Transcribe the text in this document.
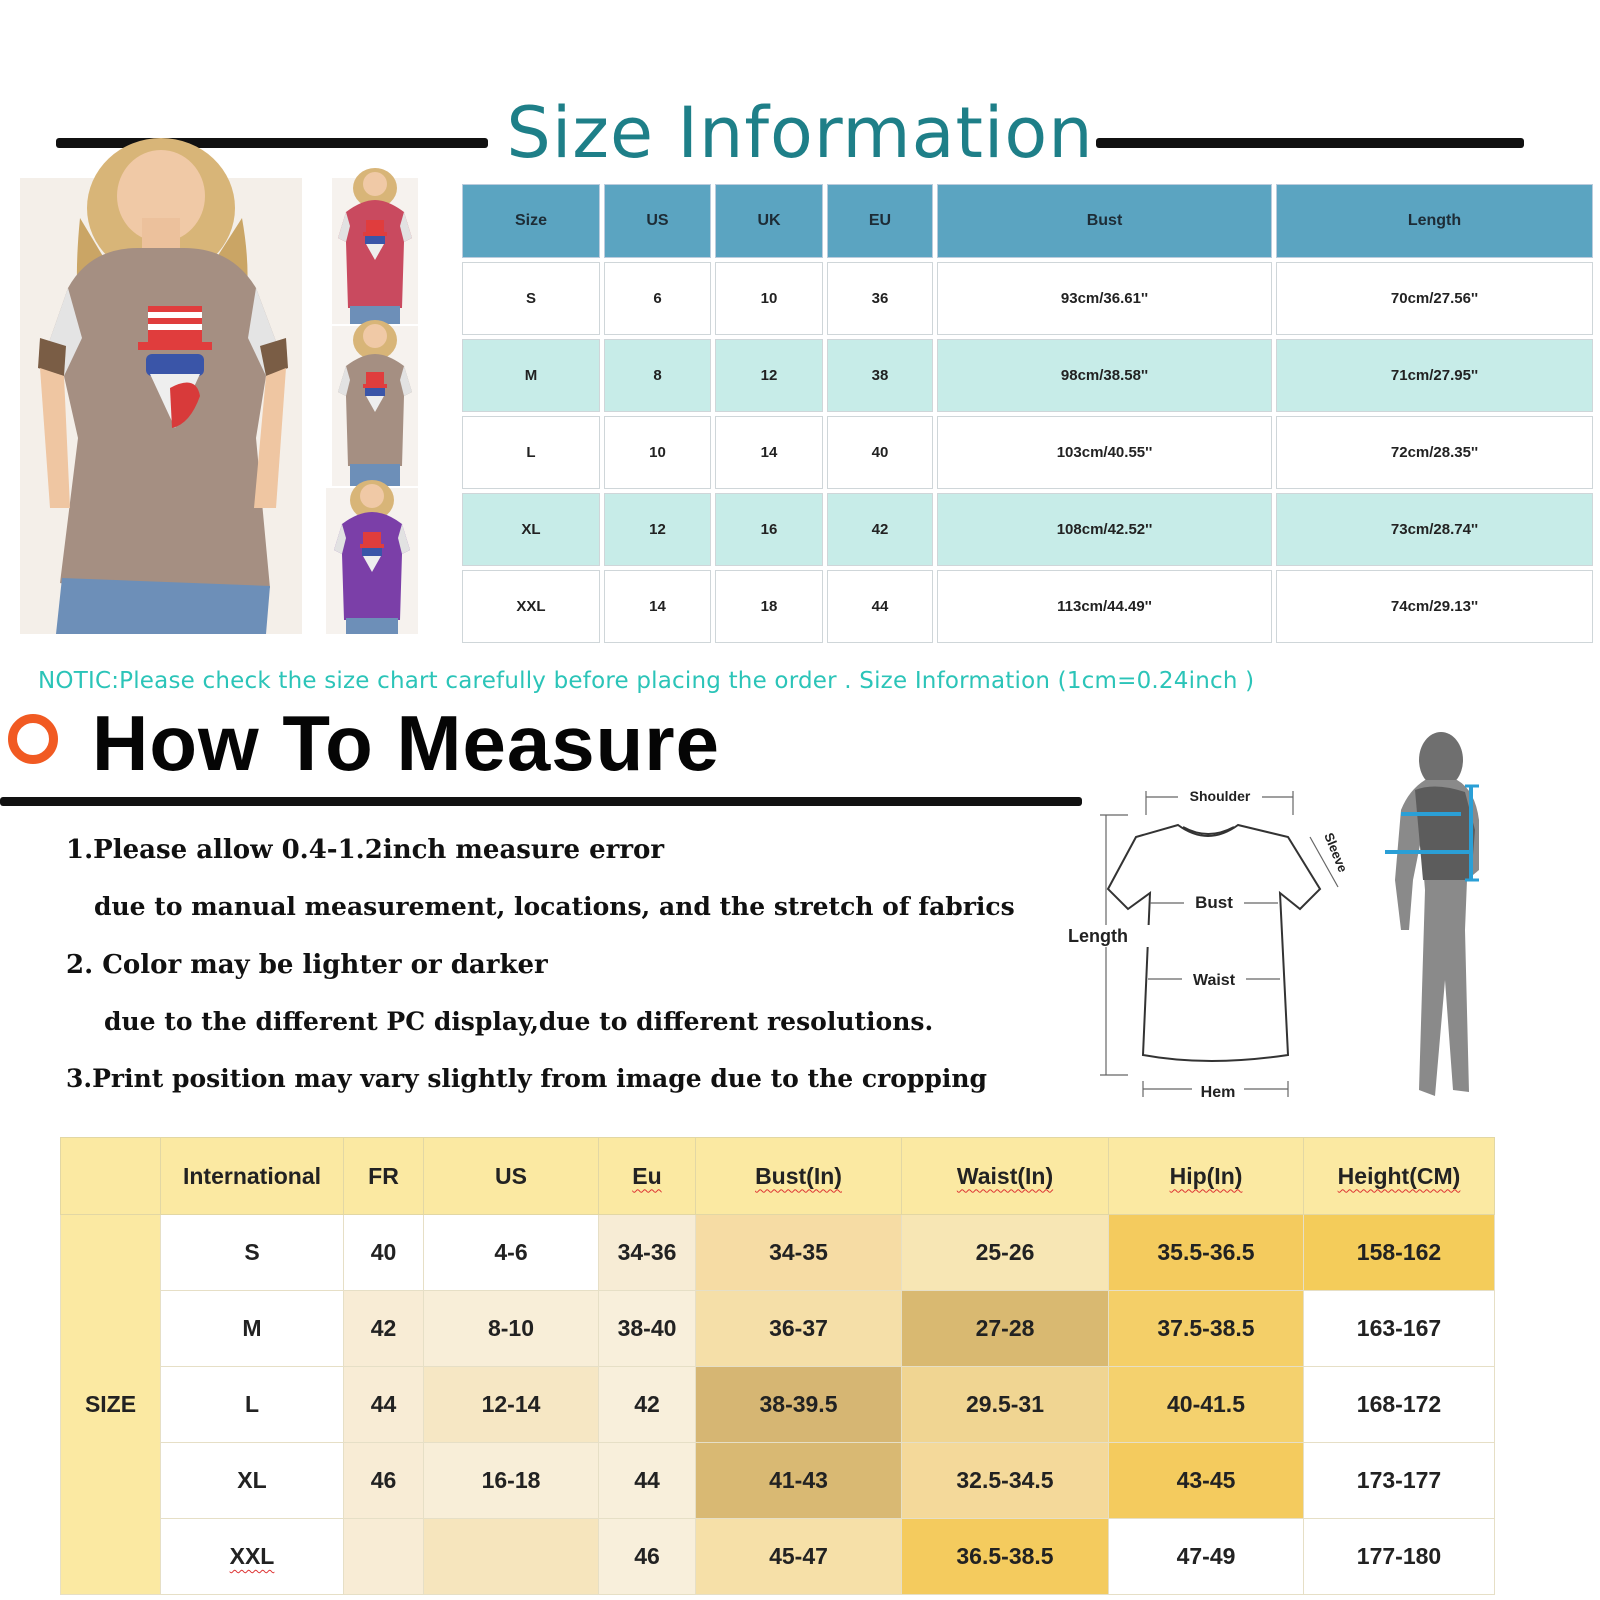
Size Information
Size	US	UK	EU	Bust	Length
S	6	10	36	93cm/36.61''	70cm/27.56''
M	8	12	38	98cm/38.58''	71cm/27.95''
L	10	14	40	103cm/40.55''	72cm/28.35''
XL	12	16	42	108cm/42.52''	73cm/28.74''
XXL	14	18	44	113cm/44.49''	74cm/29.13''
NOTIC:Please check the size chart carefully before placing the order . Size Information (1cm=0.24inch )
How To Measure
1.Please allow 0.4-1.2inch measure error
due to manual measurement, locations, and the stretch of fabrics
2. Color may be lighter or darker
due to the different PC display,due to different resolutions.
3.Print position may vary slightly from image due to the cropping
Shoulder
Sleeve
Bust
Length
Waist
Hem
	International	FR	US	Eu	Bust(In)	Waist(In)	Hip(In)	Height(CM)
SIZE	S	40	4-6	34-36	34-35	25-26	35.5-36.5	158-162
	M	42	8-10	38-40	36-37	27-28	37.5-38.5	163-167
	L	44	12-14	42	38-39.5	29.5-31	40-41.5	168-172
	XL	46	16-18	44	41-43	32.5-34.5	43-45	173-177
	XXL			46	45-47	36.5-38.5	47-49	177-180
